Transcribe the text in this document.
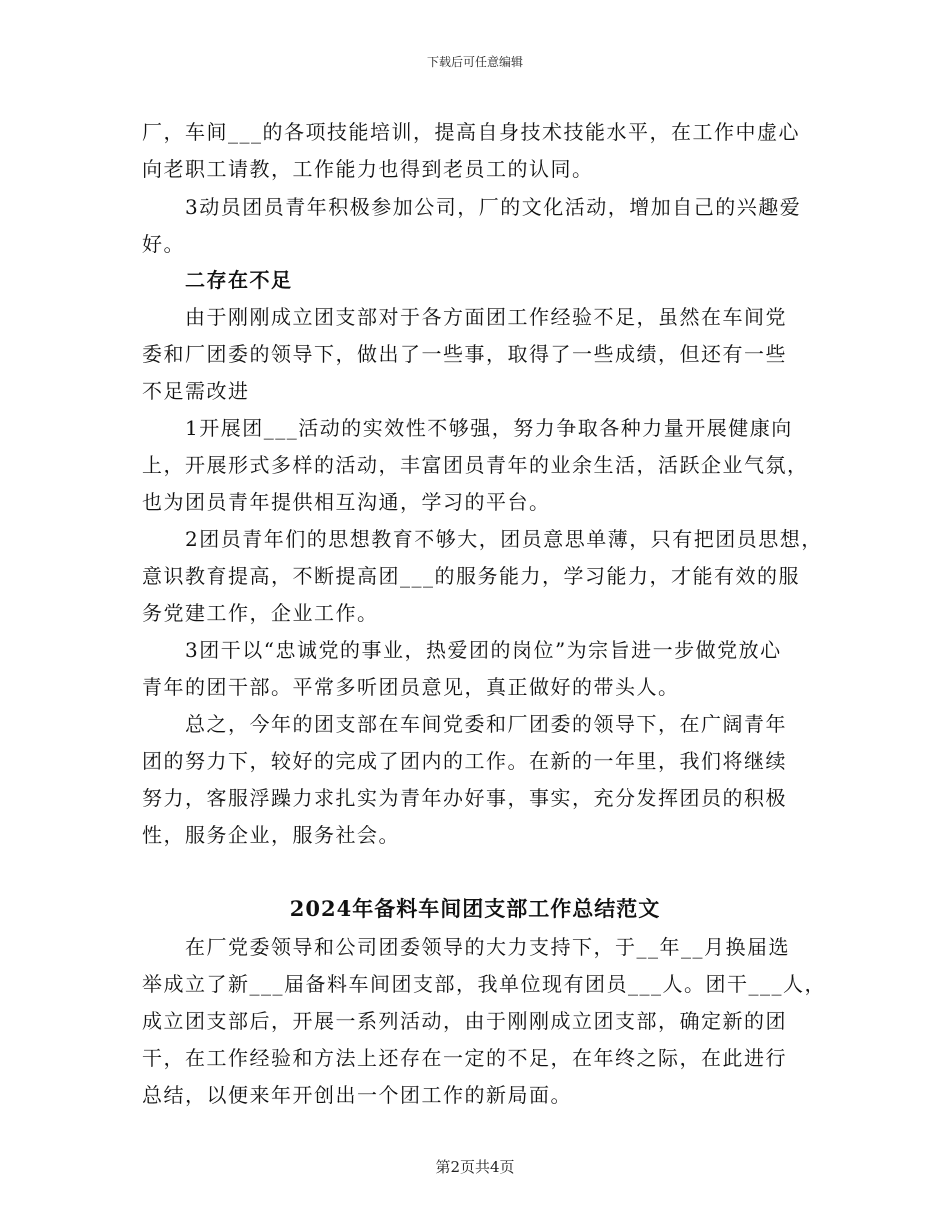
下载后可任意编辑
厂，车间___的各项技能培训，提高自身技术技能水平，在工作中虚心
向老职工请教，工作能力也得到老员工的认同。
3动员团员青年积极参加公司，厂的文化活动，增加自己的兴趣爱
好。
二存在不足
由于刚刚成立团支部对于各方面团工作经验不足，虽然在车间党
委和厂团委的领导下，做出了一些事，取得了一些成绩，但还有一些
不足需改进
1开展团___活动的实效性不够强，努力争取各种力量开展健康向
上，开展形式多样的活动，丰富团员青年的业余生活，活跃企业气氛，
也为团员青年提供相互沟通，学习的平台。
2团员青年们的思想教育不够大，团员意思单薄，只有把团员思想，
意识教育提高，不断提高团___的服务能力，学习能力，才能有效的服
务党建工作，企业工作。
3团干以“忠诚党的事业，热爱团的岗位”为宗旨进一步做党放心
青年的团干部。平常多听团员意见，真正做好的带头人。
总之，今年的团支部在车间党委和厂团委的领导下，在广阔青年
团的努力下，较好的完成了团内的工作。在新的一年里，我们将继续
努力，客服浮躁力求扎实为青年办好事，事实，充分发挥团员的积极
性，服务企业，服务社会。
2024年备料车间团支部工作总结范文
在厂党委领导和公司团委领导的大力支持下，于__年__月换届选
举成立了新___届备料车间团支部，我单位现有团员___人。团干___人，
成立团支部后，开展一系列活动，由于刚刚成立团支部，确定新的团
干，在工作经验和方法上还存在一定的不足，在年终之际，在此进行
总结，以便来年开创出一个团工作的新局面。
第2页共4页
